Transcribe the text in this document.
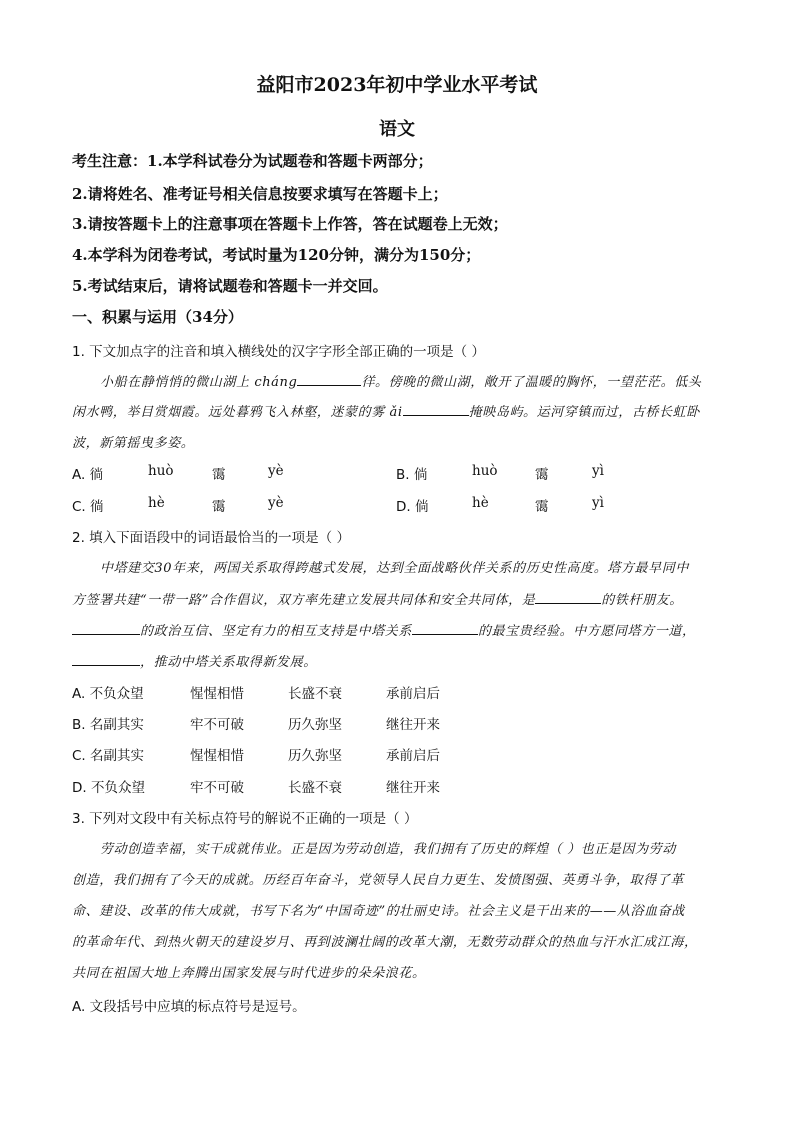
益阳市2023年初中学业水平考试
语文
考生注意：1.本学科试卷分为试题卷和答题卡两部分；
2.请将姓名、准考证号相关信息按要求填写在答题卡上；
3.请按答题卡上的注意事项在答题卡上作答，答在试题卷上无效；
4.本学科为闭卷考试，考试时量为120分钟，满分为150分；
5.考试结束后，请将试题卷和答题卡一并交回。
一、积累与运用（34分）
1. 下文加点字的注音和填入横线处的汉字字形全部正确的一项是（ ）
小船在静悄悄的微山湖上 cháng	徉。傍晚的微山湖，敞开了温暖的胸怀，一望茫茫。低头
闲水鸭，举目赏烟霞。远处暮鸦飞入林壑，迷蒙的雾 ǎi	掩映岛屿。运河穿镇而过，古桥长虹卧
波，新第摇曳多姿。
A. 徜	huò	霭	yè	B. 倘	huò	霭	yì
C. 徜	hè	霭	yè	D. 倘	hè	霭	yì
2. 填入下面语段中的词语最恰当的一项是（ ）
中塔建交30年来，两国关系取得跨越式发展，达到全面战略伙伴关系的历史性高度。塔方最早同中
方签署共建“一带一路”合作倡议，双方率先建立发展共同体和安全共同体，是	的铁杆朋友。
的政治互信、坚定有力的相互支持是中塔关系	的最宝贵经验。中方愿同塔方一道，
，推动中塔关系取得新发展。
A. 不负众望	惺惺相惜	长盛不衰	承前启后
B. 名副其实	牢不可破	历久弥坚	继往开来
C. 名副其实	惺惺相惜	历久弥坚	承前启后
D. 不负众望	牢不可破	长盛不衰	继往开来
3. 下列对文段中有关标点符号的解说不正确的一项是（ ）
劳动创造幸福，实干成就伟业。正是因为劳动创造，我们拥有了历史的辉煌（ ）也正是因为劳动
创造，我们拥有了今天的成就。历经百年奋斗，党领导人民自力更生、发愤图强、英勇斗争，取得了革
命、建设、改革的伟大成就，书写下名为“中国奇迹”的壮丽史诗。社会主义是干出来的——从浴血奋战
的革命年代、到热火朝天的建设岁月、再到波澜壮阔的改革大潮，无数劳动群众的热血与汗水汇成江海，
共同在祖国大地上奔腾出国家发展与时代进步的朵朵浪花。
A. 文段括号中应填的标点符号是逗号。
